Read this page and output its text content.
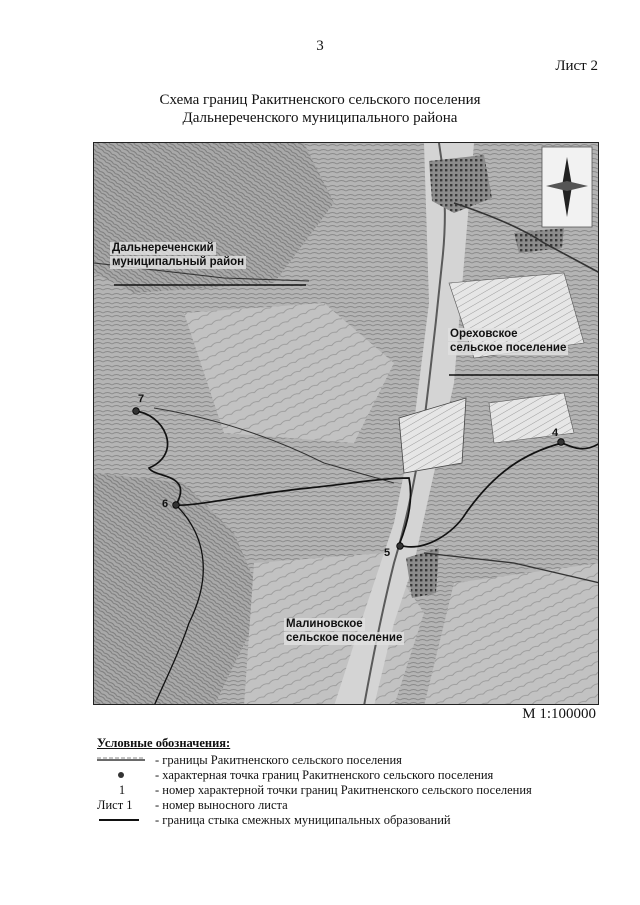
3
Лист 2
Схема границ Ракитненского сельского поселения
Дальнереченского муниципального района
Дальнереченский
муниципальный район
Ореховское
сельское поселение
Малиновское
сельское поселение
4
5
6
7
М 1:100000
Условные обозначения:
- границы Ракитненского сельского поселения
- характерная точка границ Ракитненского сельского поселения
1	- номер характерной точки границ Ракитненского сельского поселения
Лист 1	- номер выносного листа
- граница стыка смежных муниципальных образований
